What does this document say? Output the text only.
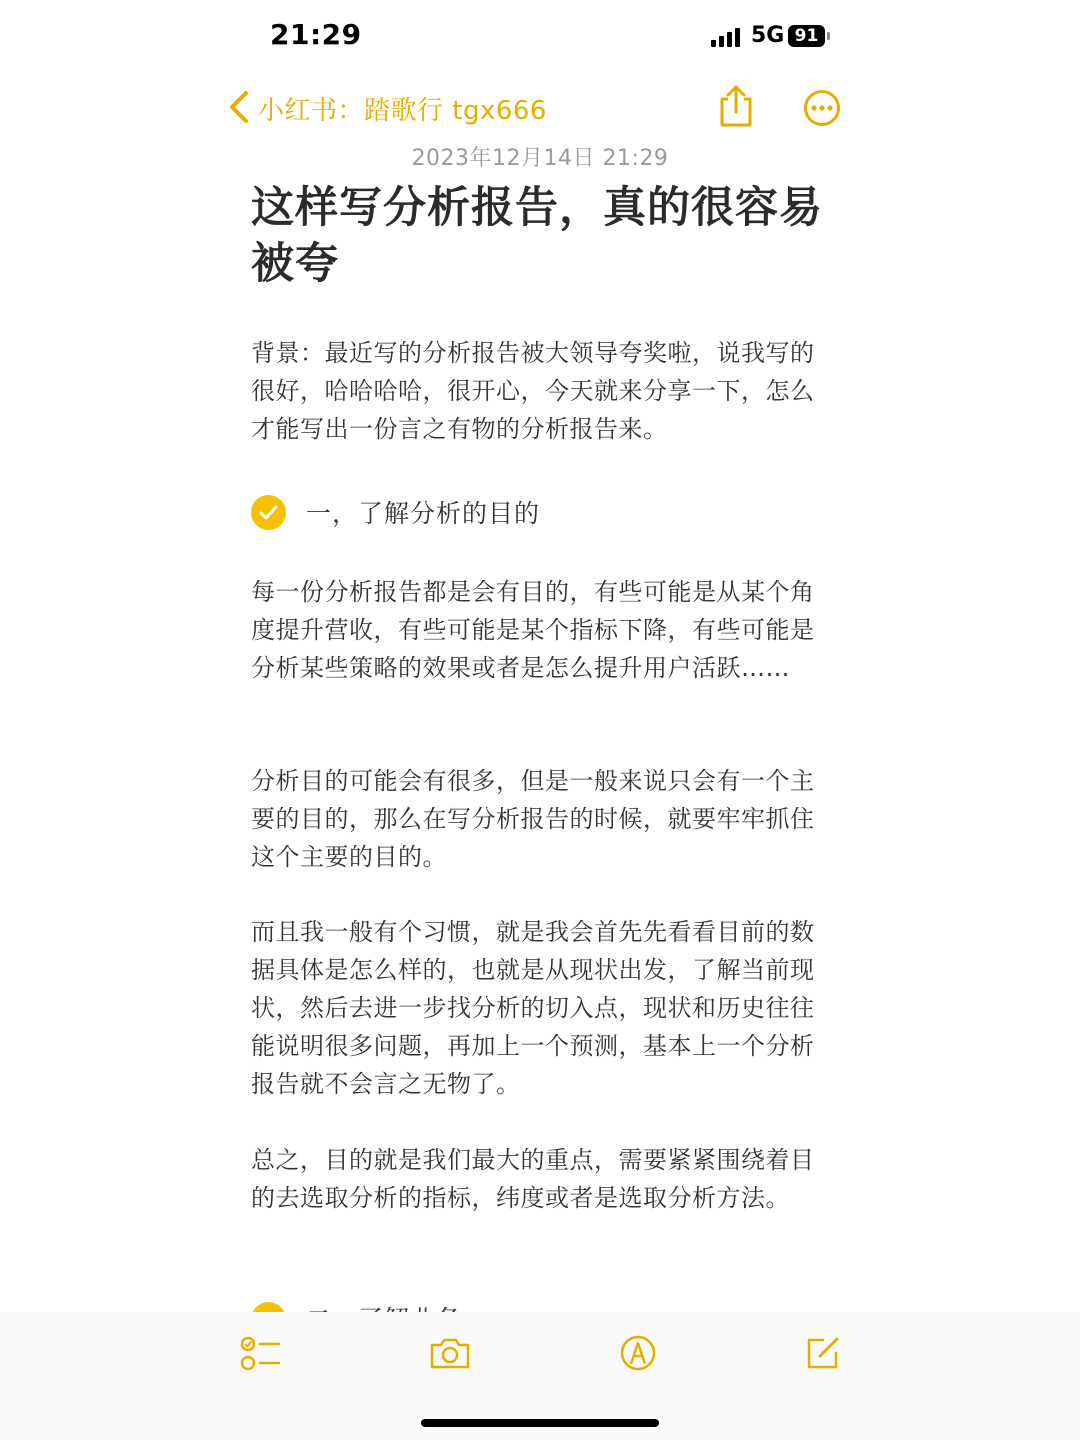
21:29	5G 91
小红书：踏歌行 tgx666
2023年12月14日 21:29
这样写分析报告，真的很容易被夸
背景：最近写的分析报告被大领导夸奖啦，说我写的很好，哈哈哈哈，很开心，今天就来分享一下，怎么才能写出一份言之有物的分析报告来。
一，了解分析的目的
每一份分析报告都是会有目的，有些可能是从某个角度提升营收，有些可能是某个指标下降，有些可能是分析某些策略的效果或者是怎么提升用户活跃……
分析目的可能会有很多，但是一般来说只会有一个主要的目的，那么在写分析报告的时候，就要牢牢抓住这个主要的目的。
而且我一般有个习惯，就是我会首先先看看目前的数据具体是怎么样的，也就是从现状出发，了解当前现状，然后去进一步找分析的切入点，现状和历史往往能说明很多问题，再加上一个预测，基本上一个分析报告就不会言之无物了。
总之，目的就是我们最大的重点，需要紧紧围绕着目的去选取分析的指标，纬度或者是选取分析方法。
